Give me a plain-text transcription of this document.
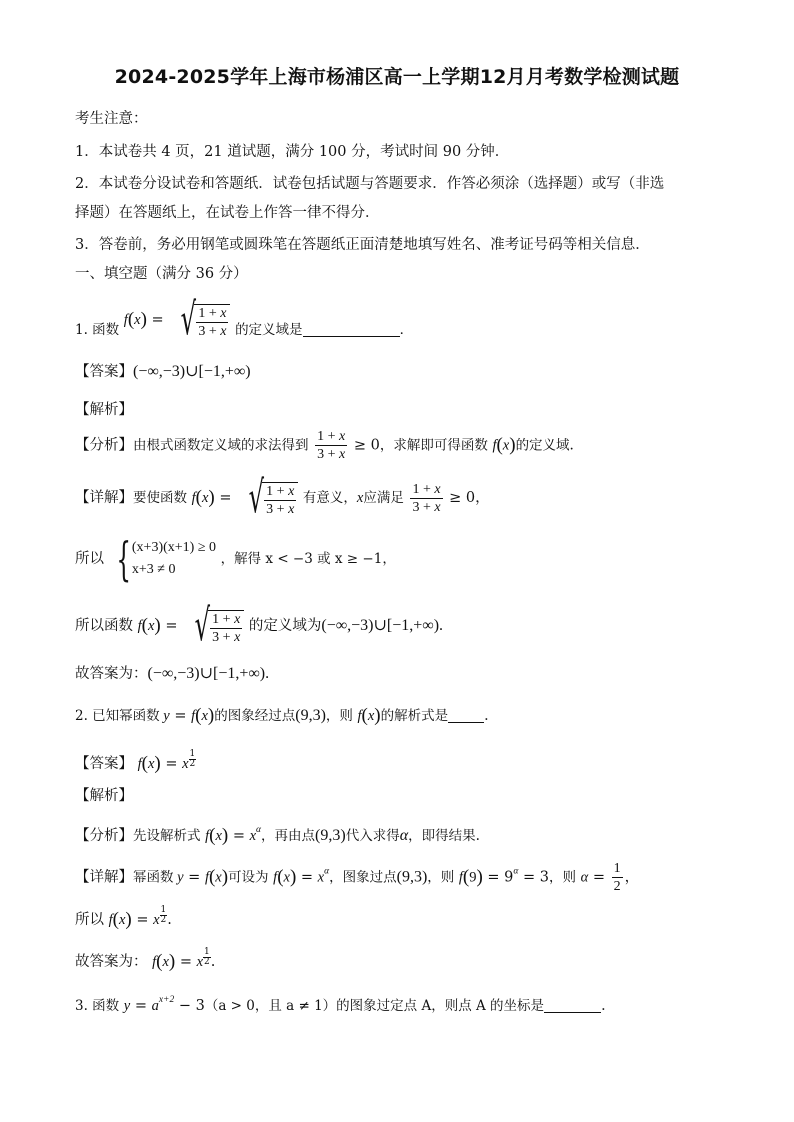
2024-2025学年上海市杨浦区高一上学期12月月考数学检测试题
考生注意：
1．本试卷共 4 页，21 道试题，满分 100 分，考试时间 90 分钟．
2．本试卷分设试卷和答题纸．试卷包括试题与答题要求．作答必须涂（选择题）或写（非选
择题）在答题纸上，在试卷上作答一律不得分．
3．答卷前，务必用钢笔或圆珠笔在答题纸正面清楚地填写姓名、准考证号码等相关信息．
一、填空题（满分 36 分）
1. 函数 f(x) = √ $\frac{1 + x}{3 + x}$ 的定义域是	．
【答案】(−∞,−3)∪[−1,+∞)
【解析】
【分析】由根式函数定义域的求法得到 $\frac{1 + x}{3 + x} \ge 0$，求解即可得函数 f(x)的定义域.
【详解】要使函数 f(x) = √ $\frac{1 + x}{3 + x}$ 有意义，x应满足 $\frac{1 + x}{3 + x} \ge 0$，
所以 { (x+3)(x+1) ≥ 0
x+3 ≠ 0
，解得 x < −3 或 x ≥ −1，
所以函数 f(x) = √ $\frac{1 + x}{3 + x}$ 的定义域为(−∞,−3)∪[−1,+∞).
故答案为：(−∞,−3)∪[−1,+∞).
2. 已知幂函数 y = f(x)的图象经过点(9,3)，则 f(x)的解析式是 ．
【答案】 f(x) = x $^{\frac{1}{2}}$
【解析】
【分析】先设解析式 $f(x) = x^\alpha$，再由点(9,3)代入求得α，即得结果.
【详解】幂函数 y = f(x)可设为 $f(x) = x^\alpha$，图象过点(9,3)，则 $f(9) = 9^\alpha = 3$，则 $\alpha = \frac{1}{2}$ ，
所以 f(x) = x $^{\frac{1}{2}}$ .
故答案为： f(x) = x $^{\frac{1}{2}}$ .
3. 函数 $y = a^{x+2} - 3(a > 0$，且 a ≠ 1）的图象过定点 A，则点 A 的坐标是	．
